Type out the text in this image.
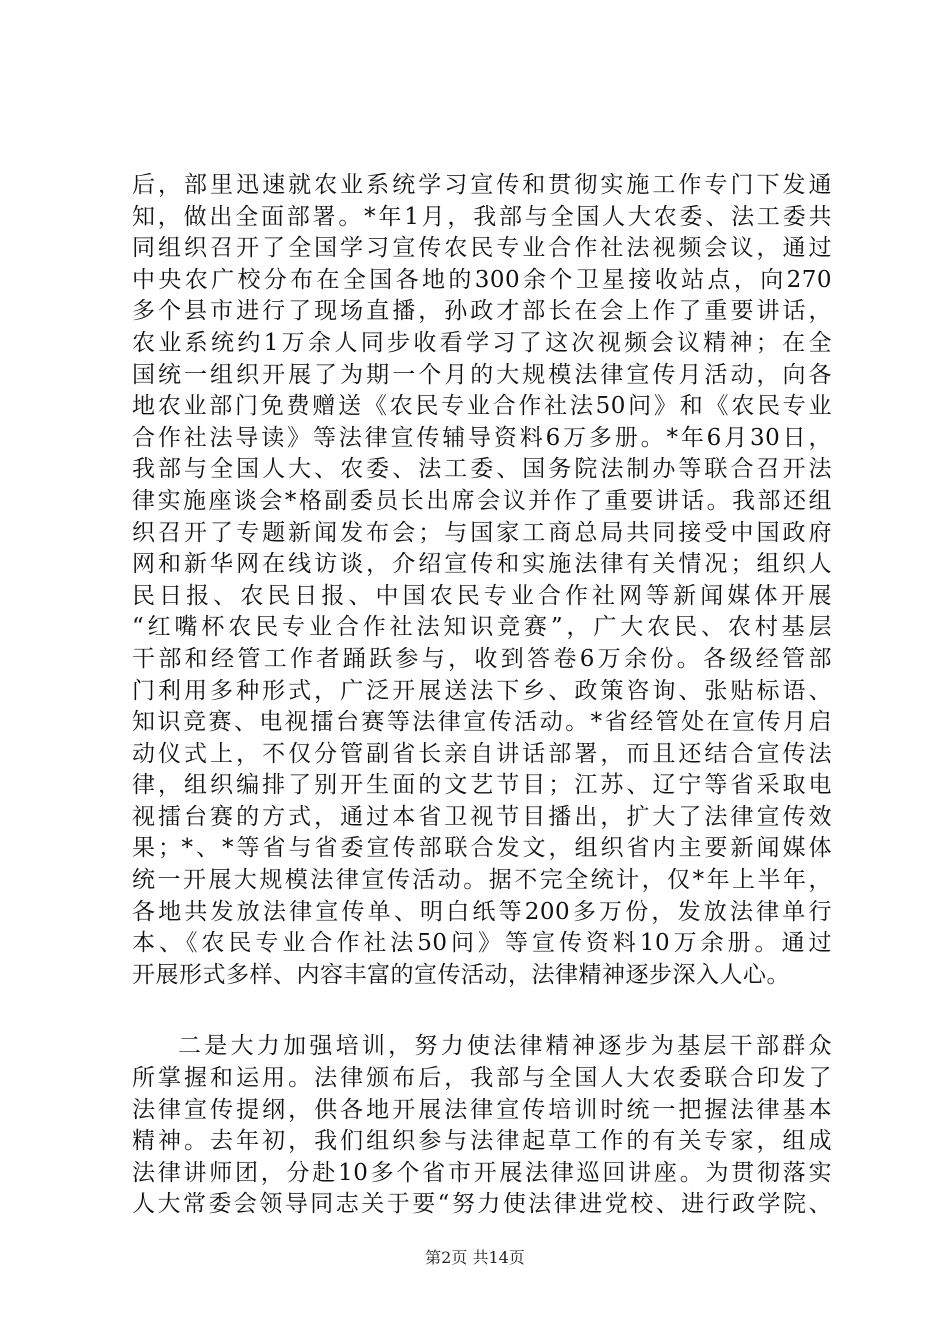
后，部里迅速就农业系统学习宣传和贯彻实施工作专门下发通
知，做出全面部署。*年1月，我部与全国人大农委、法工委共
同组织召开了全国学习宣传农民专业合作社法视频会议，通过
中央农广校分布在全国各地的300余个卫星接收站点，向270
多个县市进行了现场直播，孙政才部长在会上作了重要讲话，
农业系统约1万余人同步收看学习了这次视频会议精神；在全
国统一组织开展了为期一个月的大规模法律宣传月活动，向各
地农业部门免费赠送《农民专业合作社法50问》和《农民专业
合作社法导读》等法律宣传辅导资料6万多册。*年6月30日，
我部与全国人大、农委、法工委、国务院法制办等联合召开法
律实施座谈会*格副委员长出席会议并作了重要讲话。我部还组
织召开了专题新闻发布会；与国家工商总局共同接受中国政府
网和新华网在线访谈，介绍宣传和实施法律有关情况；组织人
民日报、农民日报、中国农民专业合作社网等新闻媒体开展
“红嘴杯农民专业合作社法知识竞赛”，广大农民、农村基层
干部和经管工作者踊跃参与，收到答卷6万余份。各级经管部
门利用多种形式，广泛开展送法下乡、政策咨询、张贴标语、
知识竞赛、电视擂台赛等法律宣传活动。*省经管处在宣传月启
动仪式上，不仅分管副省长亲自讲话部署，而且还结合宣传法
律，组织编排了别开生面的文艺节目；江苏、辽宁等省采取电
视擂台赛的方式，通过本省卫视节目播出，扩大了法律宣传效
果；*、*等省与省委宣传部联合发文，组织省内主要新闻媒体
统一开展大规模法律宣传活动。据不完全统计，仅*年上半年，
各地共发放法律宣传单、明白纸等200多万份，发放法律单行
本、《农民专业合作社法50问》等宣传资料10万余册。通过
开展形式多样、内容丰富的宣传活动，法律精神逐步深入人心。
二是大力加强培训，努力使法律精神逐步为基层干部群众
所掌握和运用。法律颁布后，我部与全国人大农委联合印发了
法律宣传提纲，供各地开展法律宣传培训时统一把握法律基本
精神。去年初，我们组织参与法律起草工作的有关专家，组成
法律讲师团，分赴10多个省市开展法律巡回讲座。为贯彻落实
人大常委会领导同志关于要“努力使法律进党校、进行政学院、
第2页 共14页
